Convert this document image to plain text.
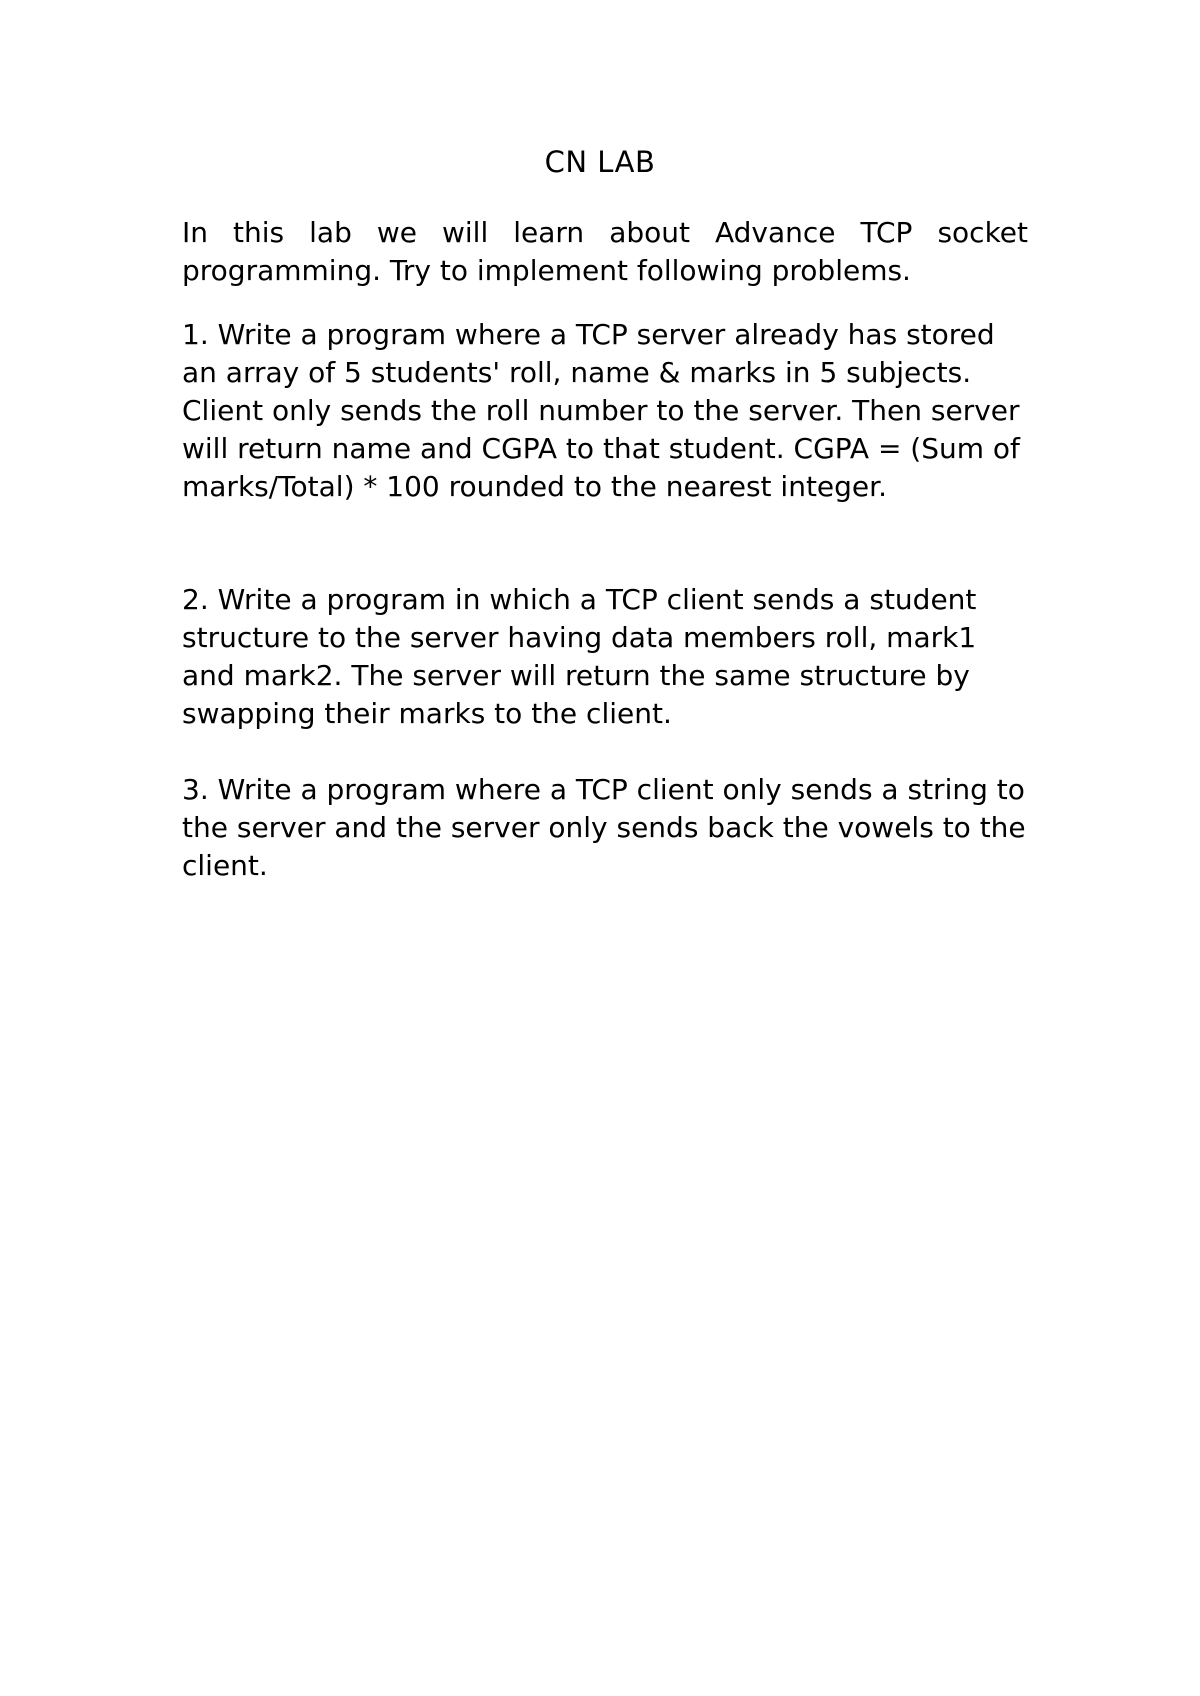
CN LAB
In this lab we will learn about Advance TCP socket
programming. Try to implement following problems.
1. Write a program where a TCP server already has stored an array of 5 students' roll, name & marks in 5 subjects. Client only sends the roll number to the server. Then server will return name and CGPA to that student. CGPA = (Sum of marks/Total) * 100 rounded to the nearest integer.
2. Write a program in which a TCP client sends a student structure to the server having data members roll, mark1 and mark2. The server will return the same structure by swapping their marks to the client.
3. Write a program where a TCP client only sends a string to the server and the server only sends back the vowels to the client.
